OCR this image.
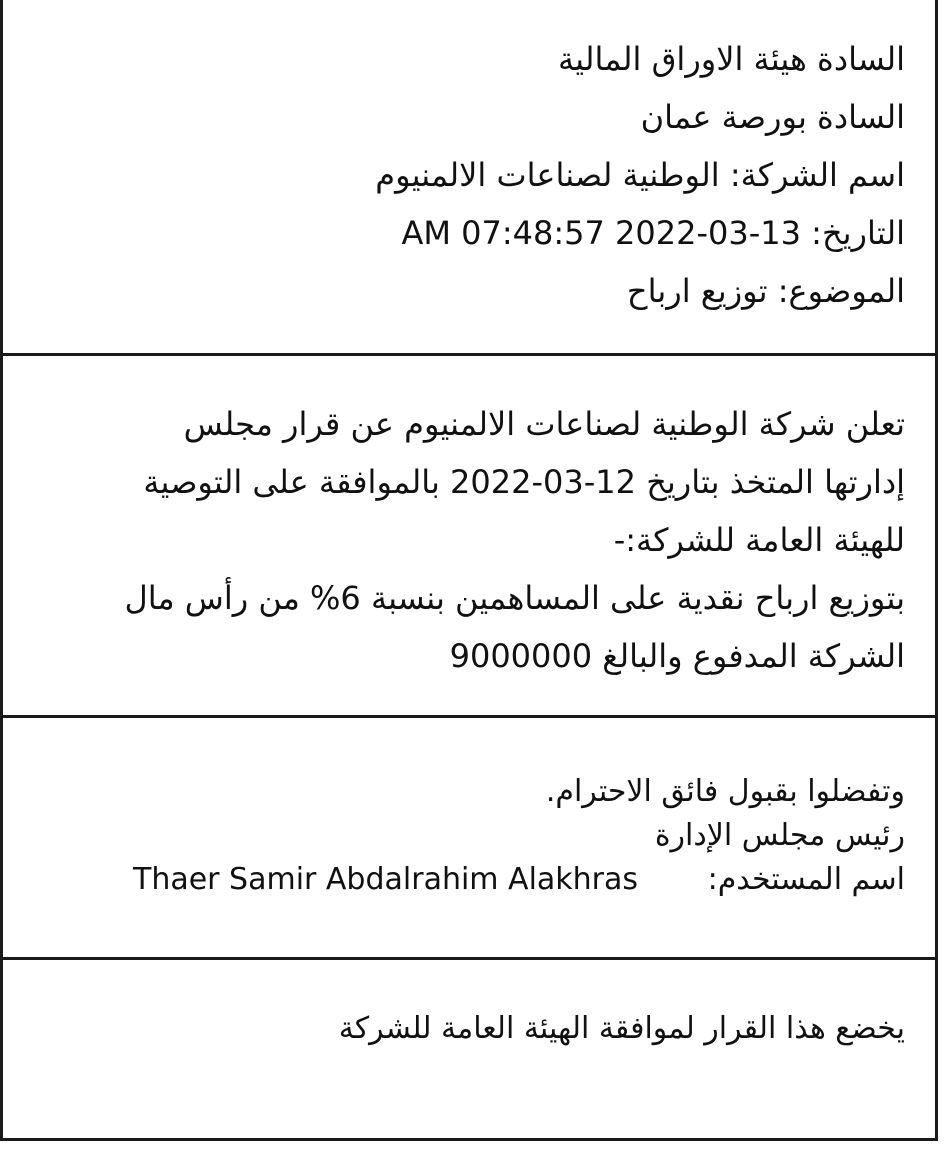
السادة هيئة الاوراق المالية
السادة بورصة عمان
اسم الشركة: الوطنية لصناعات الالمنيوم
التاريخ: AM 07:48:57 2022-03-13
الموضوع: توزيع ارباح
تعلن شركة الوطنية لصناعات الالمنيوم عن قرار مجلس
إدارتها المتخذ بتاريخ 12-03-2022 بالموافقة على التوصية
للهيئة العامة للشركة:-
بتوزيع ارباح نقدية على المساهمين بنسبة 6% من رأس مال
الشركة المدفوع والبالغ 9000000
وتفضلوا بقبول فائق الاحترام.
رئيس مجلس الإدارة
اسم المستخدم: Thaer Samir Abdalrahim Alakhras
يخضع هذا القرار لموافقة الهيئة العامة للشركة
